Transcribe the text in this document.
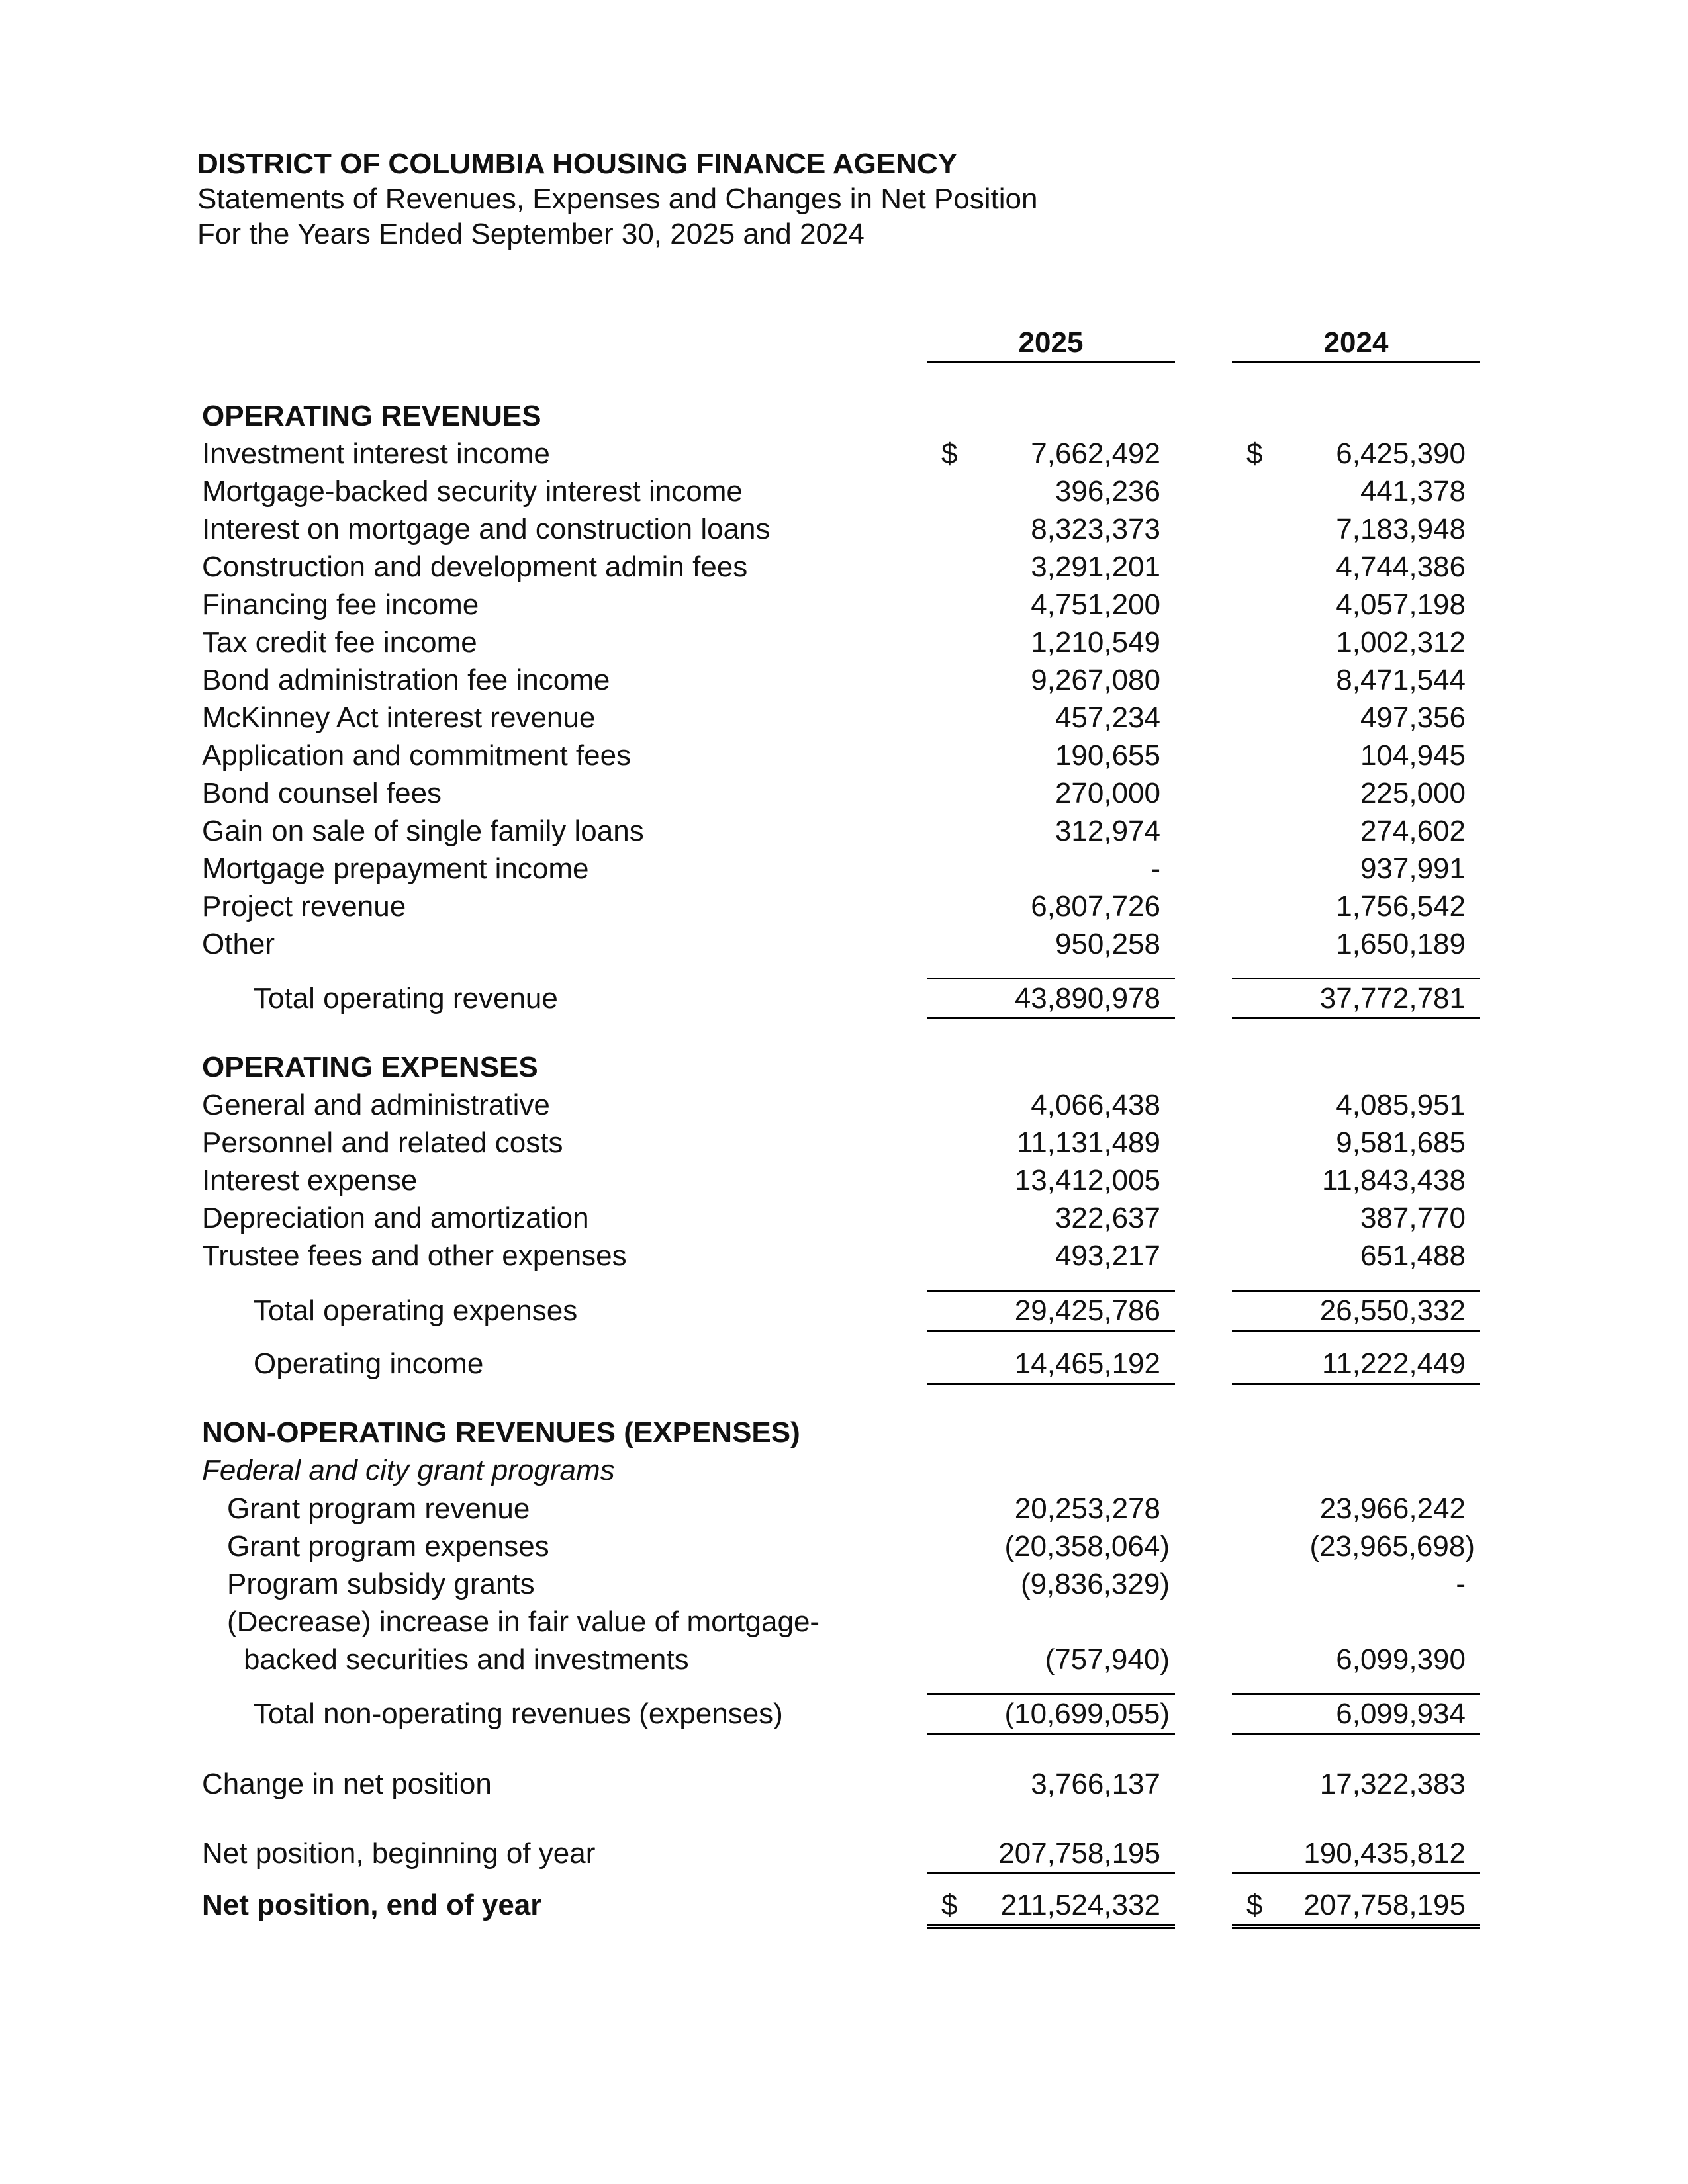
DISTRICT OF COLUMBIA HOUSING FINANCE AGENCY
Statements of Revenues, Expenses and Changes in Net Position
For the Years Ended September 30, 2025 and 2024
2025	2024
OPERATING REVENUES
Investment interest income	$	7,662,492	$	6,425,390
Mortgage-backed security interest income	396,236	441,378
Interest on mortgage and construction loans	8,323,373	7,183,948
Construction and development admin fees	3,291,201	4,744,386
Financing fee income	4,751,200	4,057,198
Tax credit fee income	1,210,549	1,002,312
Bond administration fee income	9,267,080	8,471,544
McKinney Act interest revenue	457,234	497,356
Application and commitment fees	190,655	104,945
Bond counsel fees	270,000	225,000
Gain on sale of single family loans	312,974	274,602
Mortgage prepayment income	-	937,991
Project revenue	6,807,726	1,756,542
Other	950,258	1,650,189
Total operating revenue	43,890,978	37,772,781
OPERATING EXPENSES
General and administrative	4,066,438	4,085,951
Personnel and related costs	11,131,489	9,581,685
Interest expense	13,412,005	11,843,438
Depreciation and amortization	322,637	387,770
Trustee fees and other expenses	493,217	651,488
Total operating expenses	29,425,786	26,550,332
Operating income	14,465,192	11,222,449
NON-OPERATING REVENUES (EXPENSES)
Federal and city grant programs
Grant program revenue	20,253,278	23,966,242
Grant program expenses	(20,358,064)	(23,965,698)
Program subsidy grants	(9,836,329)	-
(Decrease) increase in fair value of mortgage-
backed securities and investments	(757,940)	6,099,390
Total non-operating revenues (expenses)	(10,699,055)	6,099,934
Change in net position	3,766,137	17,322,383
Net position, beginning of year	207,758,195	190,435,812
Net position, end of year	$ 211,524,332	$ 207,758,195
